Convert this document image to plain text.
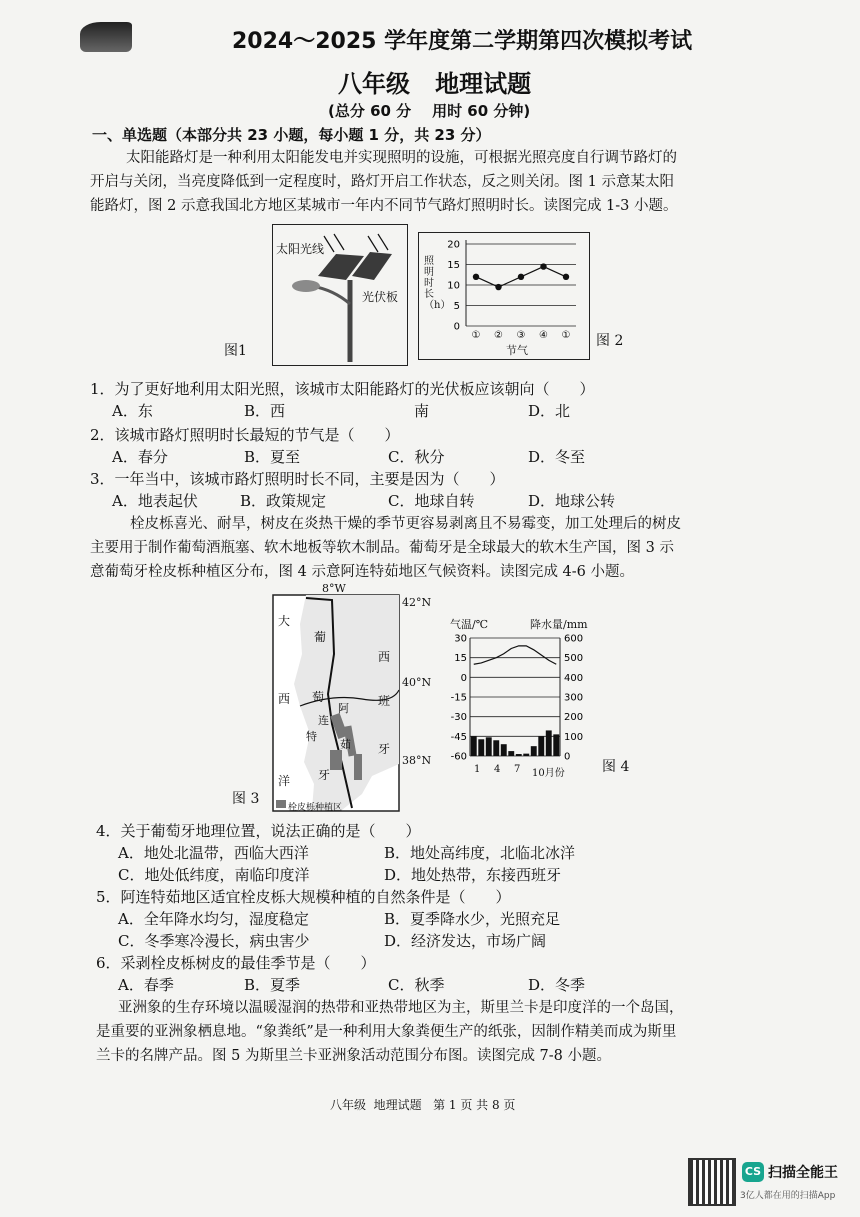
2024～2025 学年度第二学期第四次模拟考试
八年级   地理试题
(总分 60 分    用时 60 分钟)
一、单选题（本部分共 23 小题，每小题 1 分，共 23 分）
太阳能路灯是一种利用太阳能发电并实现照明的设施，可根据光照亮度自行调节路灯的
开启与关闭，当亮度降低到一定程度时，路灯开启工作状态，反之则关闭。图 1 示意某太阳
能路灯，图 2 示意我国北方地区某城市一年内不同节气路灯照明时长。读图完成 1-3 小题。
太阳光线
光伏板
图1
照明时长（h）
20
15
10
5
0
① ② ③ ④ ①
节气
图 2
1．为了更好地利用太阳光照，该城市太阳能路灯的光伏板应该朝向（　　）
A．东	B．西	南	D．北
2．该城市路灯照明时长最短的节气是（　　）
A．春分	B．夏至	C．秋分	D．冬至
3．一年当中，该城市路灯照明时长不同，主要是因为（　　）
A．地表起伏	B．政策规定	C．地球自转	D．地球公转
栓皮栎喜光、耐旱，树皮在炎热干燥的季节更容易剥离且不易霉变，加工处理后的树皮
主要用于制作葡萄酒瓶塞、软木地板等软木制品。葡萄牙是全球最大的软木生产国，图 3 示
意葡萄牙栓皮栎种植区分布，图 4 示意阿连特茹地区气候资料。读图完成 4-6 小题。
8°W
42°N
40°N
38°N
大
西
洋
葡
萄
牙
西
班
牙
阿
连
特
茹
栓皮栎种植区
图 3
气温/℃	降水量/mm
30
15
0
-15
-30
-45
-60
600
500
400
300
200
100
0
1 4 7 10月份	图 4
4．关于葡萄牙地理位置，说法正确的是（　　）
A．地处北温带，西临大西洋	B．地处高纬度，北临北冰洋
C．地处低纬度，南临印度洋	D．地处热带，东接西班牙
5．阿连特茹地区适宜栓皮栎大规模种植的自然条件是（　　）
A．全年降水均匀，湿度稳定	B．夏季降水少，光照充足
C．冬季寒冷漫长，病虫害少	D．经济发达，市场广阔
6．采剥栓皮栎树皮的最佳季节是（　　）
A．春季	B．夏季	C．秋季	D．冬季
亚洲象的生存环境以温暖湿润的热带和亚热带地区为主，斯里兰卡是印度洋的一个岛国，
是重要的亚洲象栖息地。“象粪纸”是一种利用大象粪便生产的纸张，因制作精美而成为斯里
兰卡的名牌产品。图 5 为斯里兰卡亚洲象活动范围分布图。读图完成 7-8 小题。
八年级  地理试题   第 1 页 共 8 页
CS 扫描全能王
3亿人都在用的扫描App
